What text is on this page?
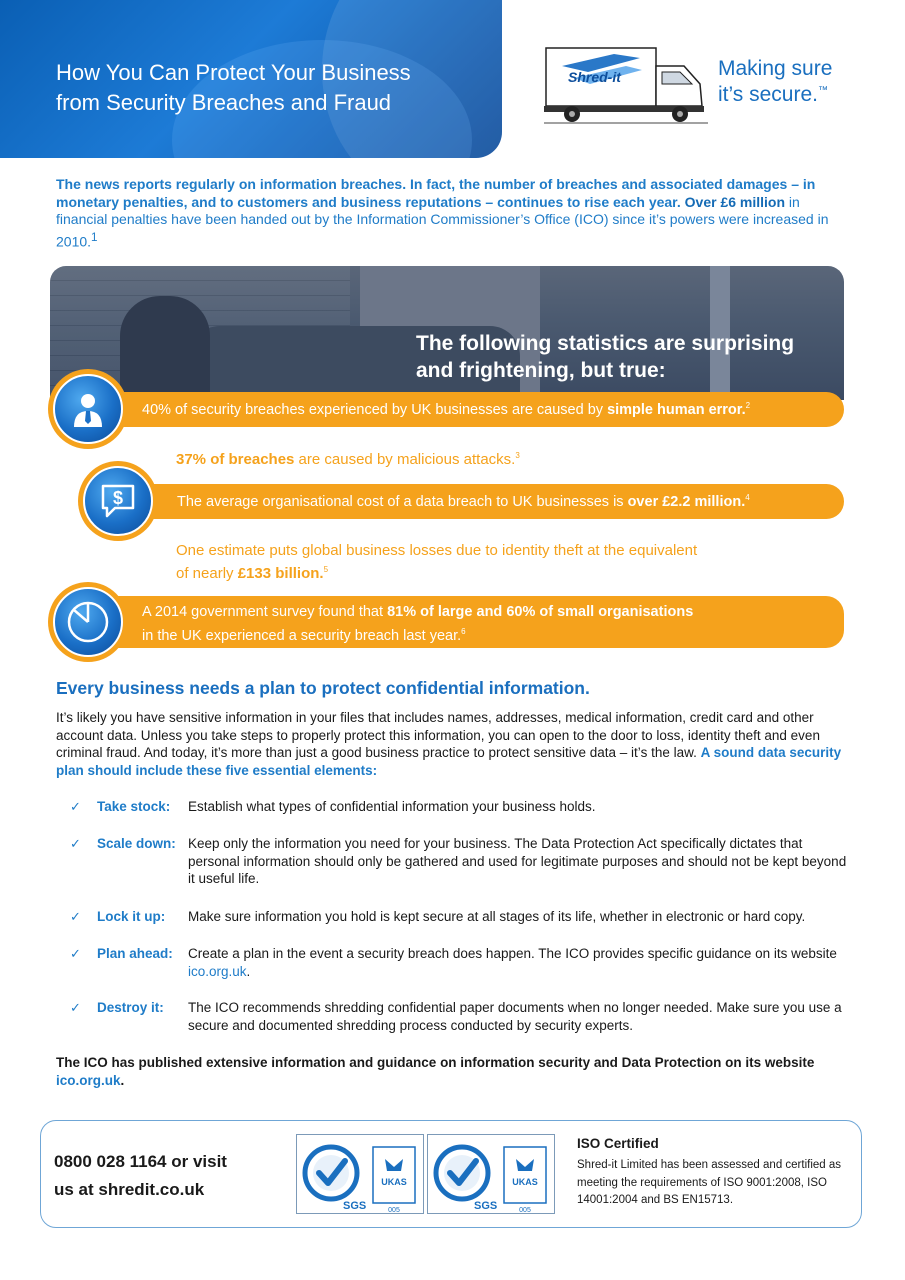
How You Can Protect Your Business
from Security Breaches and Fraud
Shred-it	Making sure
it’s secure.™

The news reports regularly on information breaches. In fact, the number of breaches and associated damages – in monetary penalties, and to customers and business reputations – continues to rise each year. Over £6 million in financial penalties have been handed out by the Information Commissioner’s Office (ICO) since it’s powers were increased in 2010.$^1$

The following statistics are surprising
and frightening, but true:
40% of security breaches experienced by UK businesses are caused by simple human error.$^2$

37% of breaches are caused by malicious attacks.$^3$

The average organisational cost of a data breach to UK businesses is over £2.2 million.$^4$
$

One estimate puts global business losses due to identity theft at the equivalent
of nearly £133 billion.$^5$

A 2014 government survey found that 81% of large and 60% of small organisations
in the UK experienced a security breach last year.$^6$
Every business needs a plan to protect confidential information.

It’s likely you have sensitive information in your files that includes names, addresses, medical information, credit card and other account data. Unless you take steps to properly protect this information, you can open to the door to loss, identity theft and even criminal fraud. And today, it’s more than just a good business practice to protect sensitive data – it’s the law. A sound data security plan should include these five essential elements:

✓ Take stock: Establish what types of confidential information your business holds.
✓ Scale down: Keep only the information you need for your business. The Data Protection Act specifically dictates that personal information should only be gathered and used for legitimate purposes and should not be kept beyond it useful life.
✓ Lock it up: Make sure information you hold is kept secure at all stages of its life, whether in electronic or hard copy.
✓ Plan ahead: Create a plan in the event a security breach does happen. The ICO provides specific guidance on its website ico.org.uk.
✓ Destroy it: The ICO recommends shredding confidential paper documents when no longer needed. Make sure you use a secure and documented shredding process conducted by security experts.

The ICO has published extensive information and guidance on information security and Data Protection on its website ico.org.uk.

0800 028 1164 or visit
us at shredit.co.uk
SGS
UKAS
005	SGS
UKAS
005
ISO Certified

Shred-it Limited has been assessed and certified as meeting the requirements of ISO 9001:2008, ISO 14001:2004 and BS EN15713.
